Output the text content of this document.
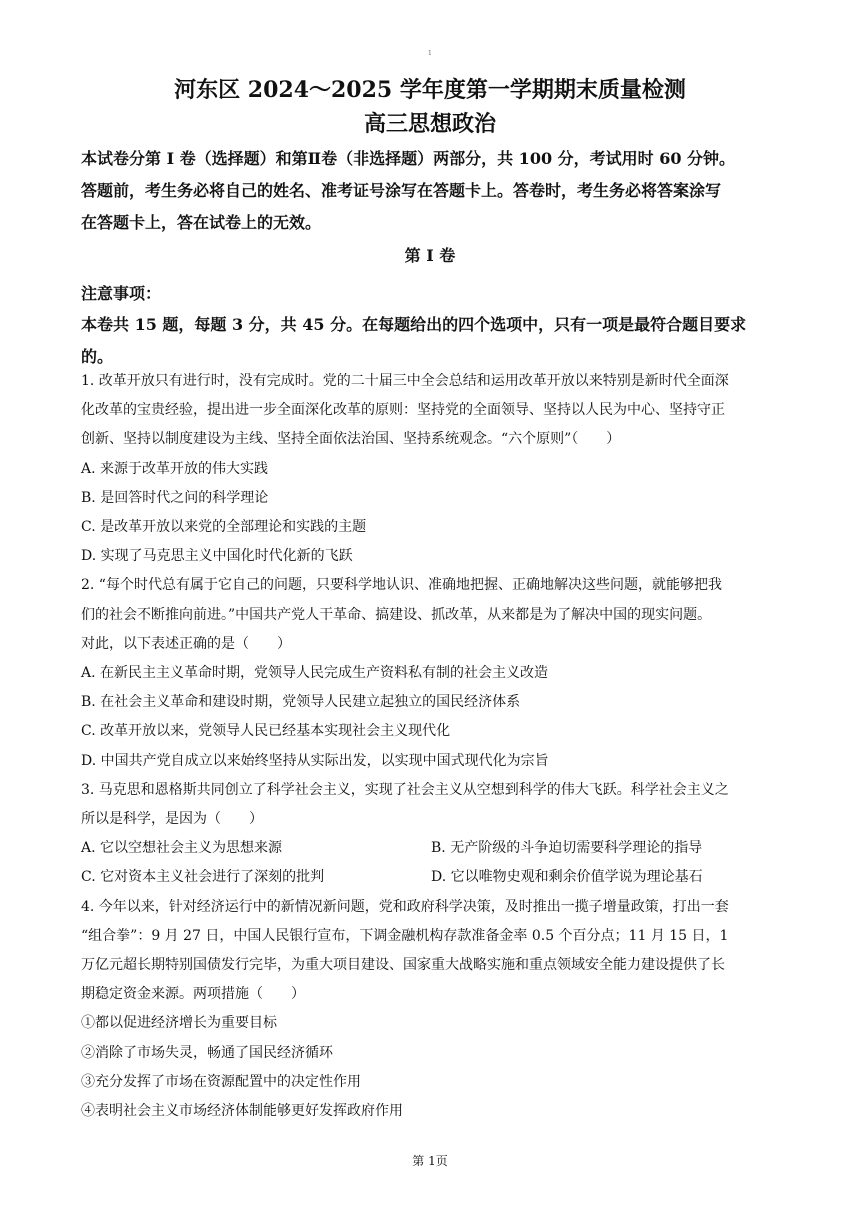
1
河东区 2024～2025 学年度第一学期期末质量检测
高三思想政治

本试卷分第 I 卷（选择题）和第Ⅱ卷（非选择题）两部分，共 100 分，考试用时 60 分钟。

答题前，考生务必将自己的姓名、准考证号涂写在答题卡上。答卷时，考生务必将答案涂写

在答题卡上，答在试卷上的无效。

第 I 卷
注意事项：

本卷共 15 题，每题 3 分，共 45 分。在每题给出的四个选项中，只有一项是最符合题目要求

的。

1. 改革开放只有进行时，没有完成时。党的二十届三中全会总结和运用改革开放以来特别是新时代全面深

化改革的宝贵经验，提出进一步全面深化改革的原则：坚持党的全面领导、坚持以人民为中心、坚持守正

创新、坚持以制度建设为主线、坚持全面依法治国、坚持系统观念。“六个原则”（　　）

A. 来源于改革开放的伟大实践

B. 是回答时代之问的科学理论

C. 是改革开放以来党的全部理论和实践的主题

D. 实现了马克思主义中国化时代化新的飞跃

2. “每个时代总有属于它自己的问题，只要科学地认识、准确地把握、正确地解决这些问题，就能够把我

们的社会不断推向前进。”中国共产党人干革命、搞建设、抓改革，从来都是为了解决中国的现实问题。

对此，以下表述正确的是（　　）

A. 在新民主主义革命时期，党领导人民完成生产资料私有制的社会主义改造

B. 在社会主义革命和建设时期，党领导人民建立起独立的国民经济体系

C. 改革开放以来，党领导人民已经基本实现社会主义现代化

D. 中国共产党自成立以来始终坚持从实际出发，以实现中国式现代化为宗旨

3. 马克思和恩格斯共同创立了科学社会主义，实现了社会主义从空想到科学的伟大飞跃。科学社会主义之

所以是科学，是因为（　　）

A. 它以空想社会主义为思想来源	B. 无产阶级的斗争迫切需要科学理论的指导
C. 它对资本主义社会进行了深刻的批判	D. 它以唯物史观和剩余价值学说为理论基石

4. 今年以来，针对经济运行中的新情况新问题，党和政府科学决策，及时推出一揽子增量政策，打出一套

“组合拳”：9 月 27 日，中国人民银行宣布，下调金融机构存款准备金率 0.5 个百分点；11 月 15 日，1

万亿元超长期特别国债发行完毕，为重大项目建设、国家重大战略实施和重点领域安全能力建设提供了长

期稳定资金来源。两项措施（　　）

①都以促进经济增长为重要目标

②消除了市场失灵，畅通了国民经济循环

③充分发挥了市场在资源配置中的决定性作用

④表明社会主义市场经济体制能够更好发挥政府作用

第 1页
